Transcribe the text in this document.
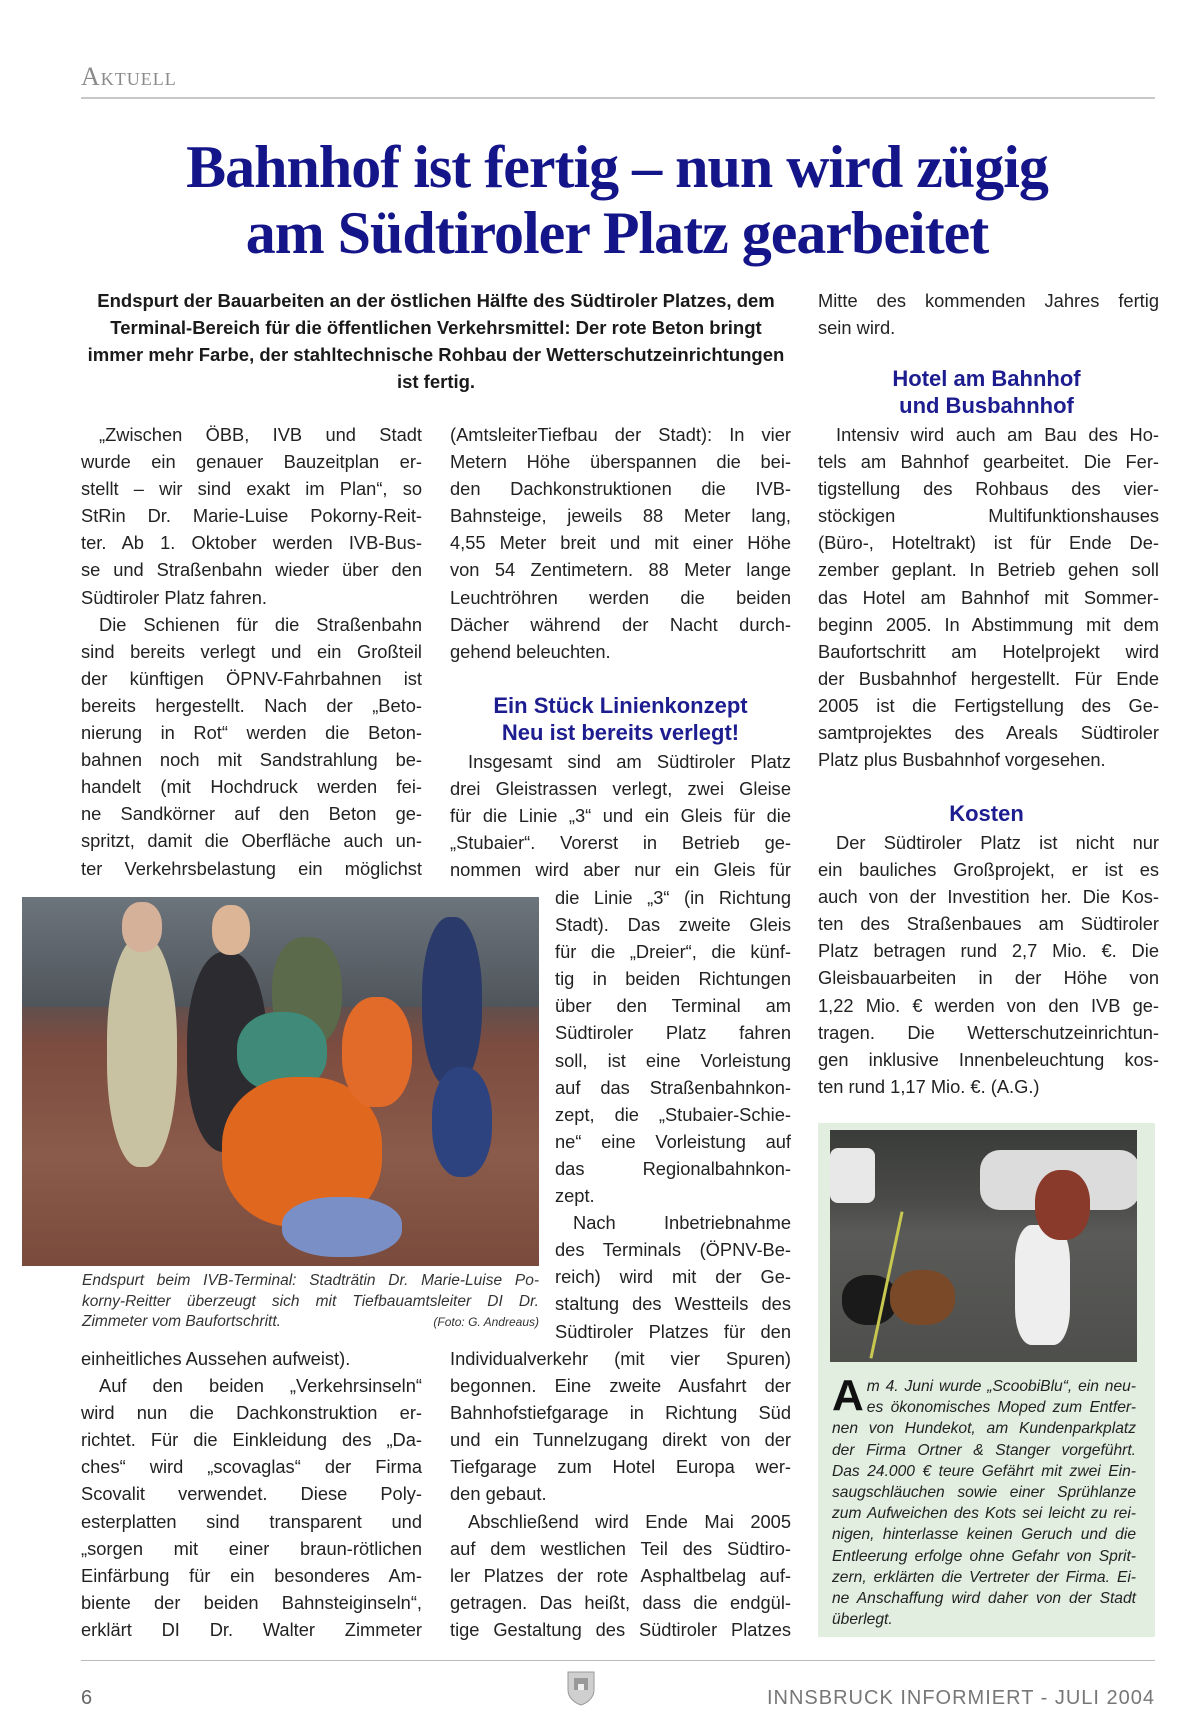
Aktuell
Bahnhof ist fertig – nun wird zügig
am Südtiroler Platz gearbeitet
Endspurt der Bauarbeiten an der östlichen Hälfte des Südtiroler Platzes, dem Terminal-Bereich für die öffentlichen Verkehrsmittel: Der rote Beton bringt immer mehr Farbe, der stahltechnische Rohbau der Wetterschutzeinrichtungen ist fertig.
„Zwischen ÖBB, IVB und Stadt
wurde ein genauer Bauzeitplan er-
stellt – wir sind exakt im Plan“, so
StRin Dr. Marie-Luise Pokorny-Reit-
ter. Ab 1. Oktober werden IVB-Bus-
se und Straßenbahn wieder über den
Südtiroler Platz fahren.
Die Schienen für die Straßenbahn
sind bereits verlegt und ein Großteil
der künftigen ÖPNV-Fahrbahnen ist
bereits hergestellt. Nach der „Beto-
nierung in Rot“ werden die Beton-
bahnen noch mit Sandstrahlung be-
handelt (mit Hochdruck werden fei-
ne Sandkörner auf den Beton ge-
spritzt, damit die Oberfläche auch un-
ter Verkehrsbelastung ein möglichst
einheitliches Aussehen aufweist).
Auf den beiden „Verkehrsinseln“
wird nun die Dachkonstruktion er-
richtet. Für die Einkleidung des „Da-
ches“ wird „scovaglas“ der Firma
Scovalit verwendet. Diese Poly-
esterplatten sind transparent und
„sorgen mit einer braun-rötlichen
Einfärbung für ein besonderes Am-
biente der beiden Bahnsteiginseln“,
erklärt DI Dr. Walter Zimmeter
(AmtsleiterTiefbau der Stadt): In vier
Metern Höhe überspannen die bei-
den Dachkonstruktionen die IVB-
Bahnsteige, jeweils 88 Meter lang,
4,55 Meter breit und mit einer Höhe
von 54 Zentimetern. 88 Meter lange
Leuchtröhren werden die beiden
Dächer während der Nacht durch-
gehend beleuchten.
Ein Stück Linienkonzept
Neu ist bereits verlegt!
Insgesamt sind am Südtiroler Platz
drei Gleistrassen verlegt, zwei Gleise
für die Linie „3“ und ein Gleis für die
„Stubaier“. Vorerst in Betrieb ge-
nommen wird aber nur ein Gleis für
die Linie „3“ (in Richtung
Stadt). Das zweite Gleis
für die „Dreier“, die künf-
tig in beiden Richtungen
über den Terminal am
Südtiroler Platz fahren
soll, ist eine Vorleistung
auf das Straßenbahnkon-
zept, die „Stubaier-Schie-
ne“ eine Vorleistung auf
das Regionalbahnkon-
zept.
Nach Inbetriebnahme
des Terminals (ÖPNV-Be-
reich) wird mit der Ge-
staltung des Westteils des
Südtiroler Platzes für den
Individualverkehr (mit vier Spuren)
begonnen. Eine zweite Ausfahrt der
Bahnhofstiefgarage in Richtung Süd
und ein Tunnelzugang direkt von der
Tiefgarage zum Hotel Europa wer-
den gebaut.
Abschließend wird Ende Mai 2005
auf dem westlichen Teil des Südtiro-
ler Platzes der rote Asphaltbelag auf-
getragen. Das heißt, dass die endgül-
tige Gestaltung des Südtiroler Platzes
Mitte des kommenden Jahres fertig
sein wird.
Hotel am Bahnhof
und Busbahnhof
Intensiv wird auch am Bau des Ho-
tels am Bahnhof gearbeitet. Die Fer-
tigstellung des Rohbaus des vier-
stöckigen Multifunktionshauses
(Büro-, Hoteltrakt) ist für Ende De-
zember geplant. In Betrieb gehen soll
das Hotel am Bahnhof mit Sommer-
beginn 2005. In Abstimmung mit dem
Baufortschritt am Hotelprojekt wird
der Busbahnhof hergestellt. Für Ende
2005 ist die Fertigstellung des Ge-
samtprojektes des Areals Südtiroler
Platz plus Busbahnhof vorgesehen.
Kosten
Der Südtiroler Platz ist nicht nur
ein bauliches Großprojekt, er ist es
auch von der Investition her. Die Kos-
ten des Straßenbaues am Südtiroler
Platz betragen rund 2,7 Mio. €. Die
Gleisbauarbeiten in der Höhe von
1,22 Mio. € werden von den IVB ge-
tragen. Die Wetterschutzeinrichtun-
gen inklusive Innenbeleuchtung kos-
ten rund 1,17 Mio. €. (A.G.)
Endspurt beim IVB-Terminal: Stadträtin Dr. Marie-Luise Po-
korny-Reitter überzeugt sich mit Tiefbauamtsleiter DI Dr.
Zimmeter vom Baufortschritt.	(Foto: G. Andreaus)
A m 4. Juni wurde „ScoobiBlu“, ein neu-
es ökonomisches Moped zum Entfer-
nen von Hundekot, am Kundenparkplatz
der Firma Ortner & Stanger vorgeführt.
Das 24.000 € teure Gefährt mit zwei Ein-
saugschläuchen sowie einer Sprühlanze
zum Aufweichen des Kots sei leicht zu rei-
nigen, hinterlasse keinen Geruch und die
Entleerung erfolge ohne Gefahr von Sprit-
zern, erklärten die Vertreter der Firma. Ei-
ne Anschaffung wird daher von der Stadt
überlegt.
6	INNSBRUCK INFORMIERT - JULI 2004
